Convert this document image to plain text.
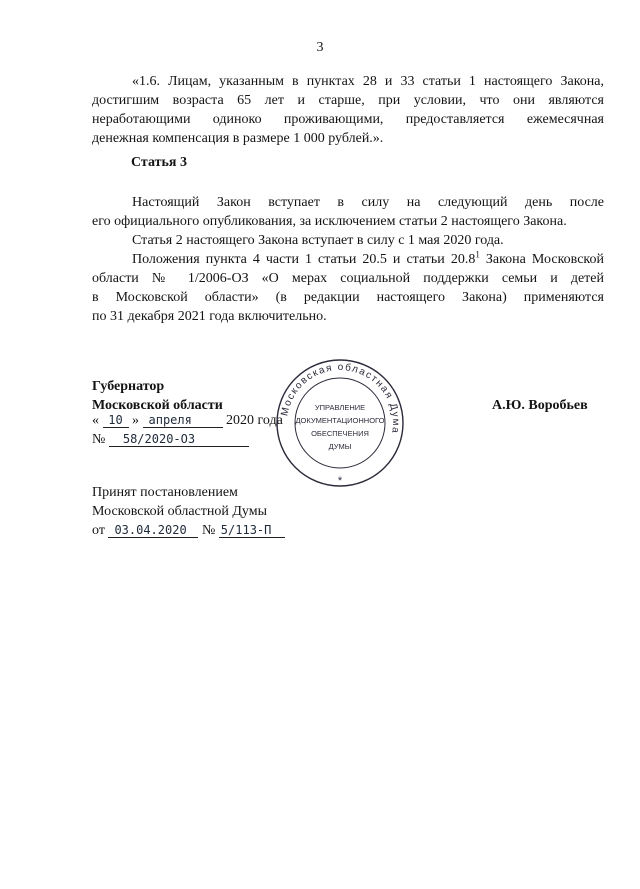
3

«1.6. Лицам, указанным в пунктах 28 и 33 статьи 1 настоящего Закона,

достигшим возраста 65 лет и старше, при условии, что они являются

неработающими одиноко проживающими, предоставляется ежемесячная

денежная компенсация в размере 1 000 рублей.».

Статья 3

Настоящий Закон вступает в силу на следующий день после

его официального опубликования, за исключением статьи 2 настоящего Закона.

Статья 2 настоящего Закона вступает в силу с 1 мая 2020 года.

Положения пункта 4 части 1 статьи 20.5 и статьи 20.8$^1$ Закона Московской

области № 1/2006-ОЗ «О мерах социальной поддержки семьи и детей

в Московской области» (в редакции настоящего Закона) применяются

по 31 декабря 2021 года включительно.

Губернатор
Московской области	А.Ю. Воробьев
« 10 » апреля 2020 года
№ 58/2020-ОЗ
Принят постановлением
Московской областной Думы
от 03.04.2020 № 5/113-П
Московская областная Дума
УПРАВЛЕНИЕ
ДОКУМЕНТАЦИОННОГО
ОБЕСПЕЧЕНИЯ
ДУМЫ
*
